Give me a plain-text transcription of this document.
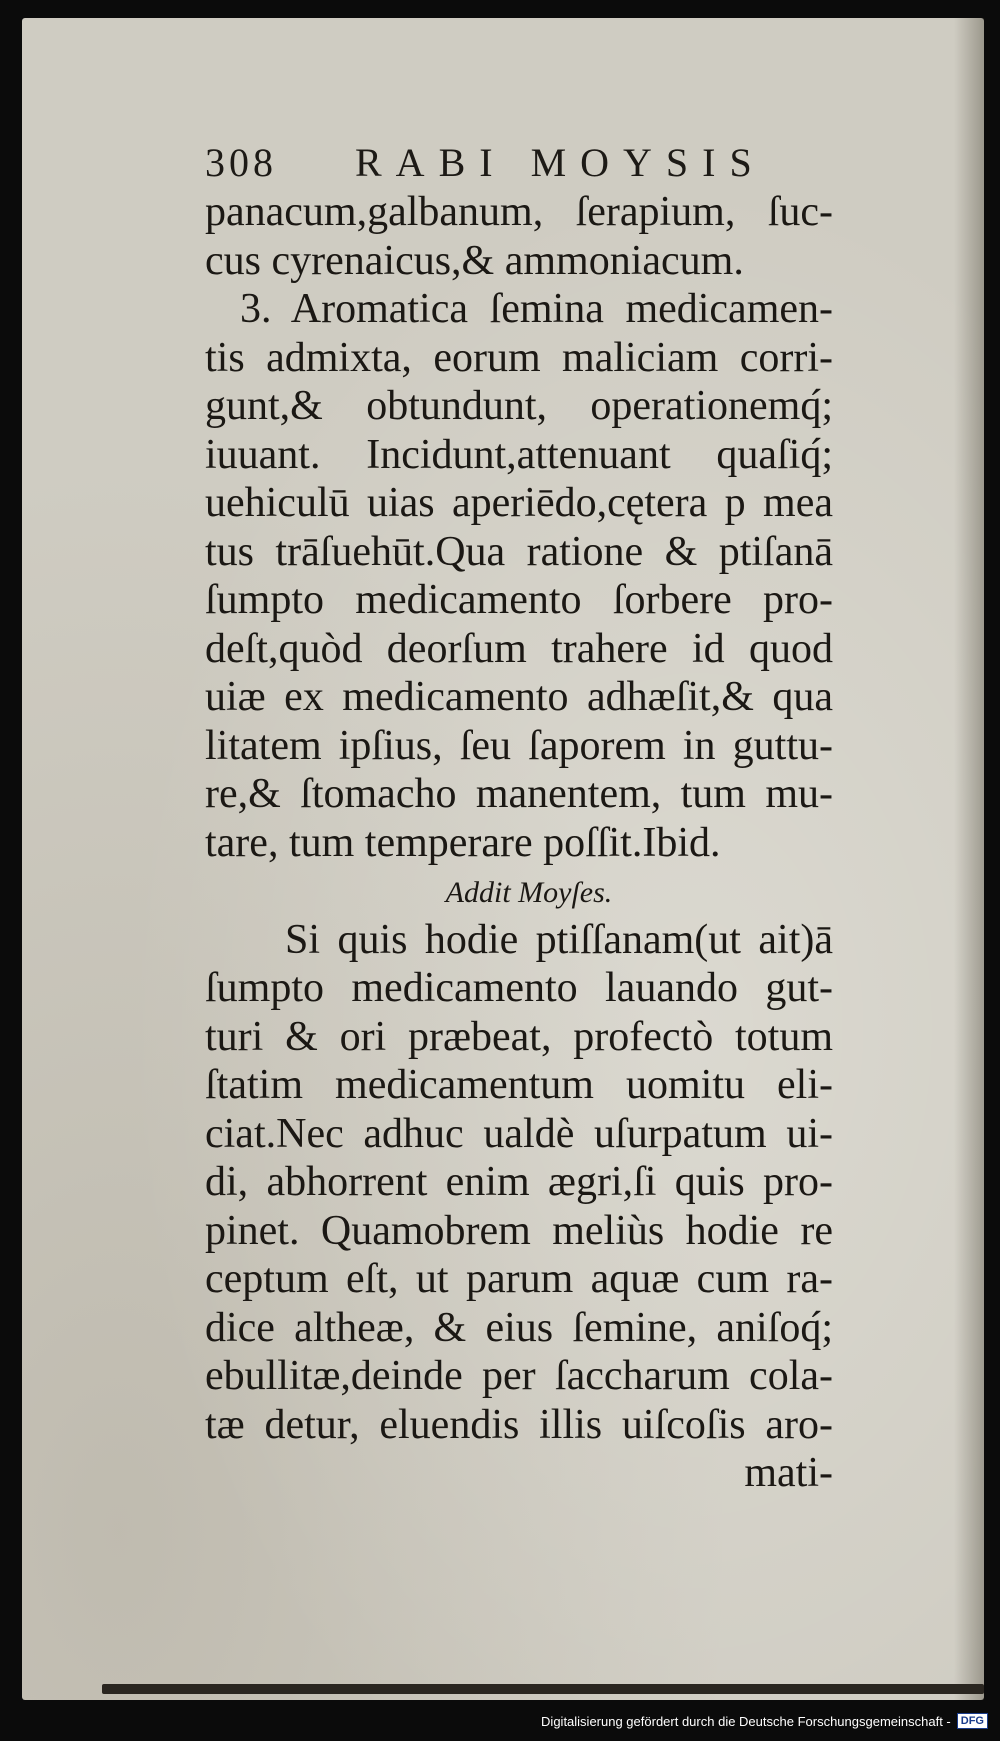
308 RABI MOYSIS
panacum,galbanum, ſerapium, ſuc-
cus cyrenaicus,& ammoniacum.
3. Aromatica ſemina medicamen-
tis admixta, eorum maliciam corri-
gunt,& obtundunt, operationemq́;
iuuant. Incidunt,attenuant quaſiq́;
uehiculū uias aperiēdo,cętera p mea
tus trāſuehūt.Qua ratione & ptiſanā
ſumpto medicamento ſorbere pro-
deſt,quòd deorſum trahere id quod
uiæ ex medicamento adhæſit,& qua
litatem ipſius, ſeu ſaporem in guttu-
re,& ſtomacho manentem, tum mu-
tare, tum temperare poſſit.Ibid.
Addit Moyſes.
Si quis hodie ptiſſanam(ut ait)ā
ſumpto medicamento lauando gut-
turi & ori præbeat, profectò totum
ſtatim medicamentum uomitu eli-
ciat.Nec adhuc ualdè uſurpatum ui-
di, abhorrent enim ægri,ſi quis pro-
pinet. Quamobrem meliùs hodie re
ceptum eſt, ut parum aquæ cum ra-
dice altheæ, & eius ſemine, aniſoq́;
ebullitæ,deinde per ſaccharum cola-
tæ detur, eluendis illis uiſcoſis aro-
mati-
Digitalisierung gefördert durch die Deutsche Forschungsgemeinschaft - DFG
